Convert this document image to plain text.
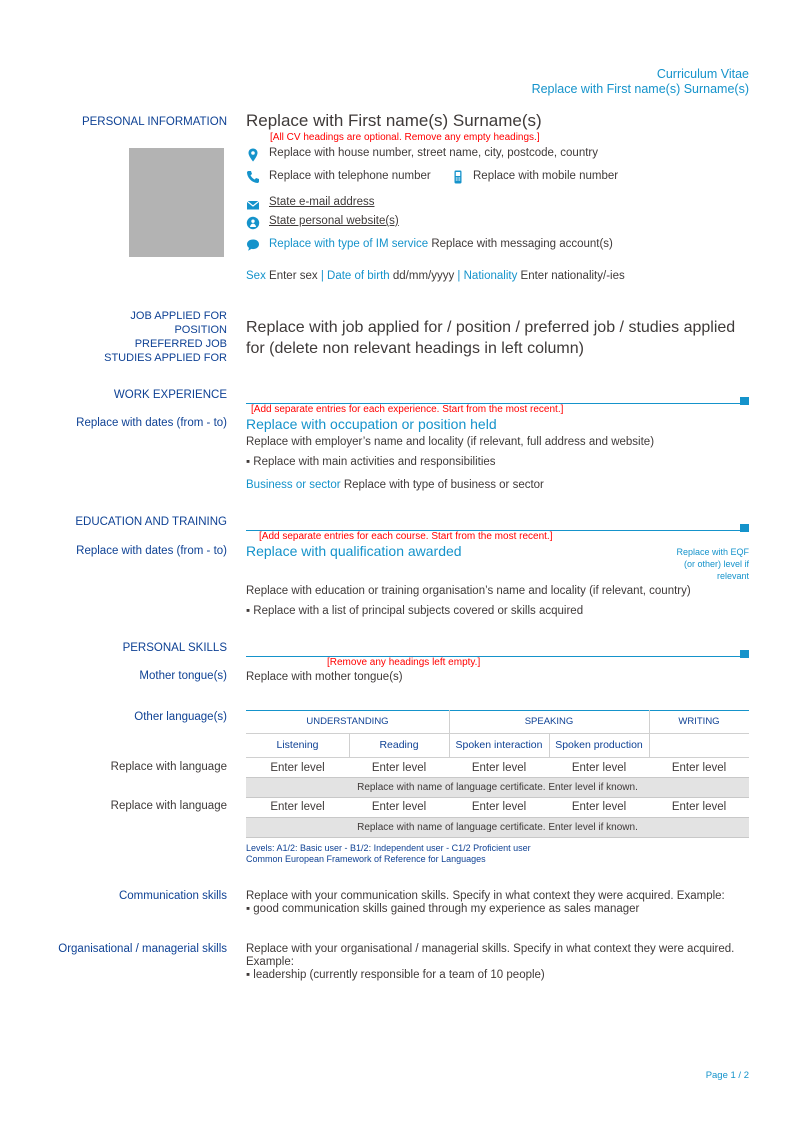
Curriculum Vitae
Replace with First name(s) Surname(s)
PERSONAL INFORMATION Replace with First name(s) Surname(s)
[All CV headings are optional. Remove any empty headings.]
Replace with house number, street name, city, postcode, country
Replace with telephone number	Replace with mobile number
State e-mail address
State personal website(s)
Replace with type of IM service Replace with messaging account(s)
Sex Enter sex | Date of birth dd/mm/yyyy | Nationality Enter nationality/-ies
JOB APPLIED FOR
POSITION
PREFERRED JOB
STUDIES APPLIED FOR
Replace with job applied for / position / preferred job / studies applied
for (delete non relevant headings in left column)
WORK EXPERIENCE
[Add separate entries for each experience. Start from the most recent.]
Replace with dates (from - to) Replace with occupation or position held
Replace with employer’s name and locality (if relevant, full address and website)
▪ Replace with main activities and responsibilities
Business or sector Replace with type of business or sector
EDUCATION AND TRAINING
[Add separate entries for each course. Start from the most recent.]
Replace with dates (from - to) Replace with qualification awarded	Replace with EQF
(or other) level if
relevant
Replace with education or training organisation’s name and locality (if relevant, country)
▪ Replace with a list of principal subjects covered or skills acquired
PERSONAL SKILLS
[Remove any headings left empty.]
Mother tongue(s) Replace with mother tongue(s)
Other language(s)	UNDERSTANDING	SPEAKING	WRITING
Listening	Reading	Spoken interaction	Spoken production
Replace with language	Enter level	Enter level	Enter level	Enter level	Enter level
Replace with name of language certificate. Enter level if known.
Replace with language	Enter level	Enter level	Enter level	Enter level	Enter level
Replace with name of language certificate. Enter level if known.
Levels: A1/2: Basic user - B1/2: Independent user - C1/2 Proficient user
Common European Framework of Reference for Languages
Communication skills Replace with your communication skills. Specify in what context they were acquired. Example:
▪ good communication skills gained through my experience as sales manager
Organisational / managerial skills Replace with your organisational / managerial skills. Specify in what context they were acquired.
Example:
▪ leadership (currently responsible for a team of 10 people)
Page 1 / 2
